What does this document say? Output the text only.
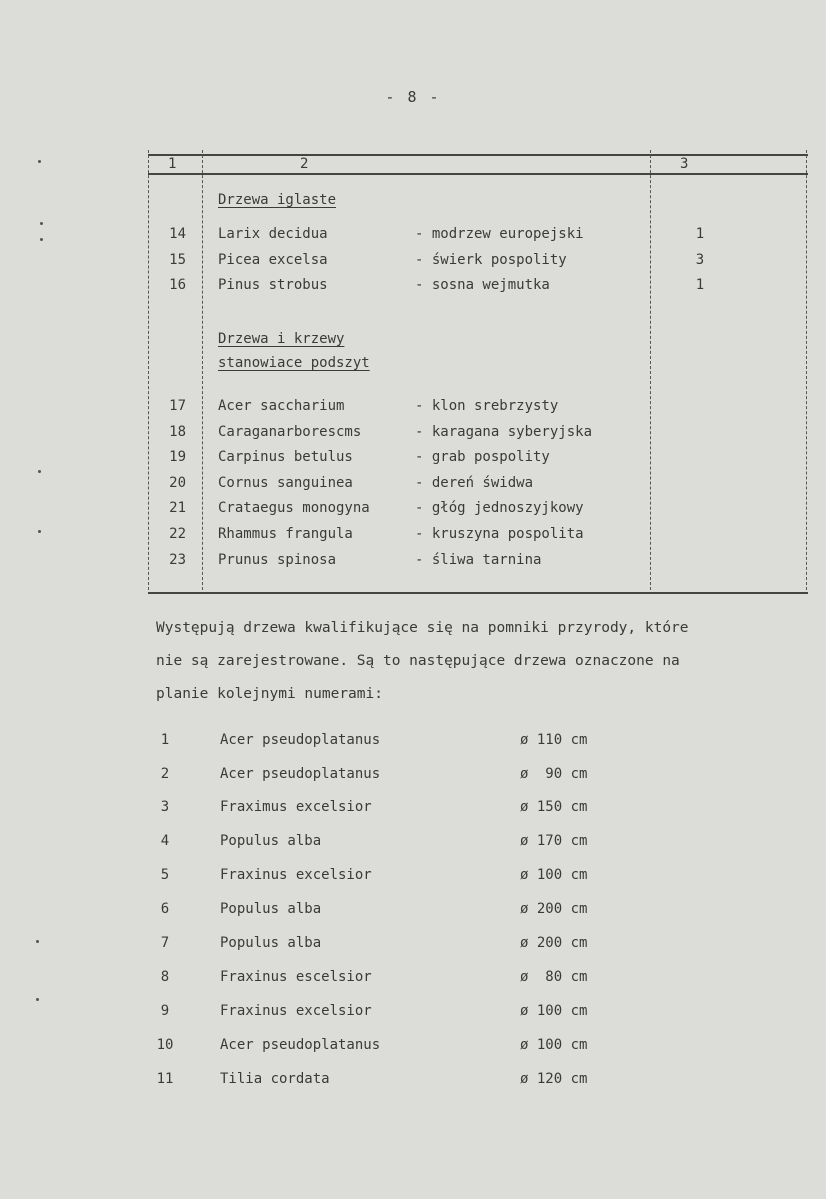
- 8 -
1	2	3
Drzewa iglaste
14 Larix decidua	- modrzew europejski	1
15 Picea excelsa	- świerk pospolity	3
16 Pinus strobus	- sosna wejmutka	1
Drzewa i krzewy
stanowiace podszyt
17 Acer saccharium	- klon srebrzysty
18 Caraganarborescms	- karagana syberyjska
19 Carpinus betulus	- grab pospolity
20 Cornus sanguinea	- dereń świdwa
21 Crataegus monogyna	- głóg jednoszyjkowy
22 Rhammus frangula	- kruszyna pospolita
23 Prunus spinosa	- śliwa tarnina
Występują drzewa kwalifikujące się na pomniki przyrody, które
nie są zarejestrowane. Są to następujące drzewa oznaczone na
planie kolejnymi numerami:
1	Acer pseudoplatanus	ø 110 cm
2	Acer pseudoplatanus	ø  90 cm
3	Fraximus excelsior	ø 150 cm
4	Populus alba	ø 170 cm
5	Fraxinus excelsior	ø 100 cm
6	Populus alba	ø 200 cm
7	Populus alba	ø 200 cm
8	Fraxinus escelsior	ø  80 cm
9	Fraxinus excelsior	ø 100 cm
10	Acer pseudoplatanus	ø 100 cm
11	Tilia cordata	ø 120 cm
